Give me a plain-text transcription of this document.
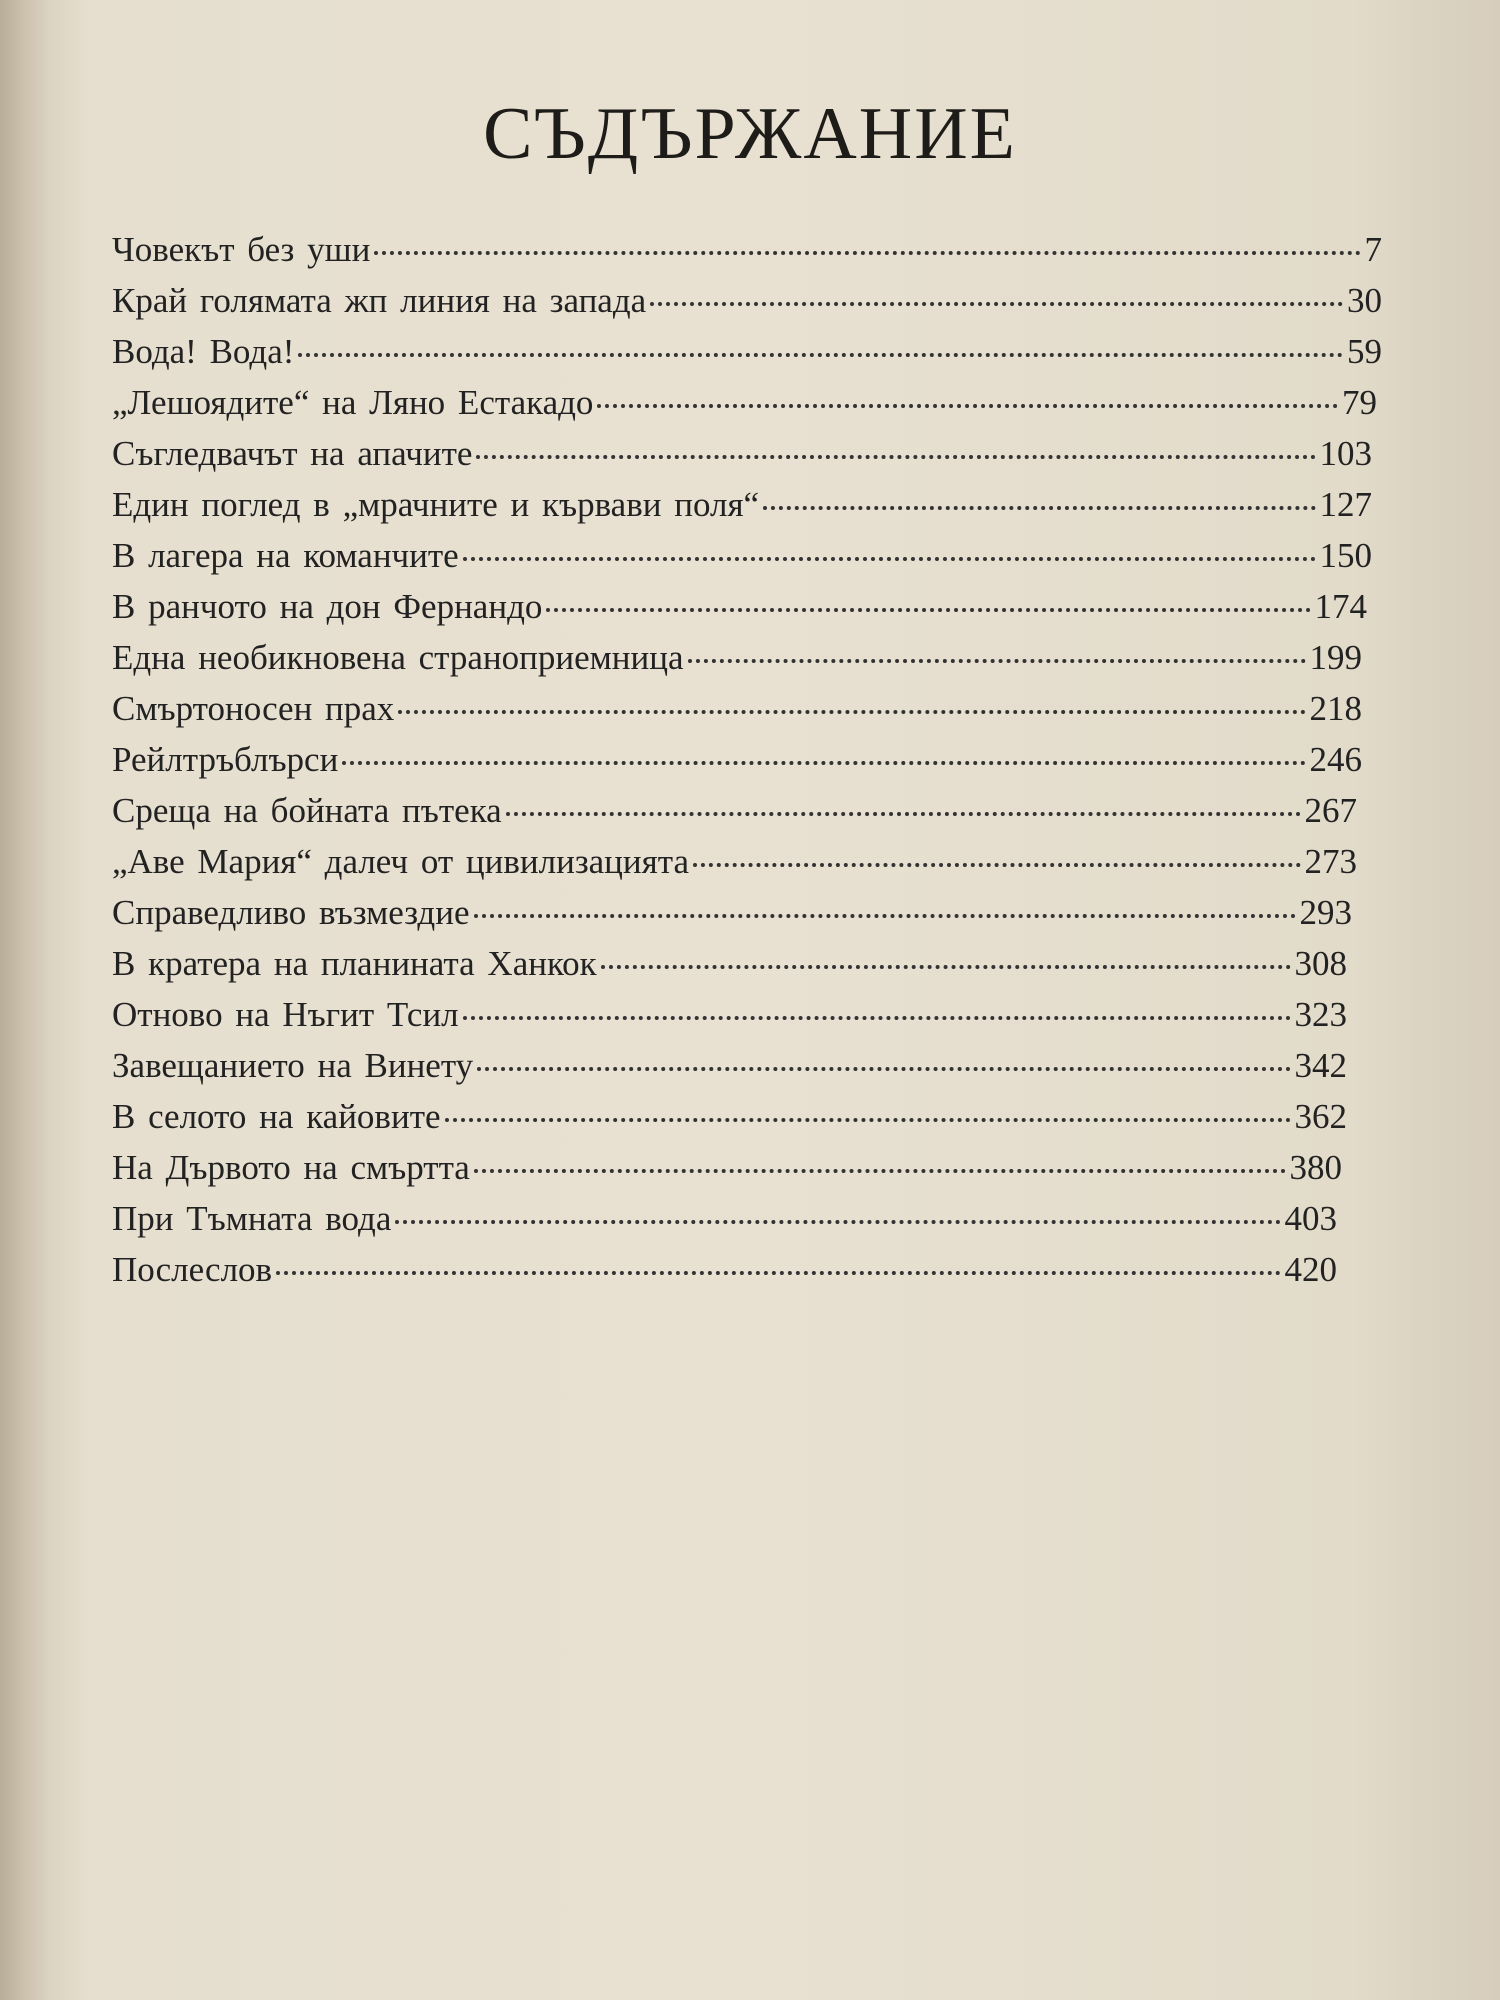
СЪДЪРЖАНИЕ
Човекът без уши	7
Край голямата жп линия на запада	30
Вода! Вода!	59
„Лешоядите“ на Ляно Естакадо	79
Съгледвачът на апачите	103
Един поглед в „мрачните и кървави поля“	127
В лагера на команчите	150
В ранчото на дон Фернандо	174
Една необикновена страноприемница	199
Смъртоносен прах	218
Рейлтръблърси	246
Среща на бойната пътека	267
„Аве Мария“ далеч от цивилизацията	273
Справедливо възмездие	293
В кратера на планината Ханкок	308
Отново на Нъгит Тсил	323
Завещанието на Винету	342
В селото на кайовите	362
На Дървото на смъртта	380
При Тъмната вода	403
Послеслов	420
